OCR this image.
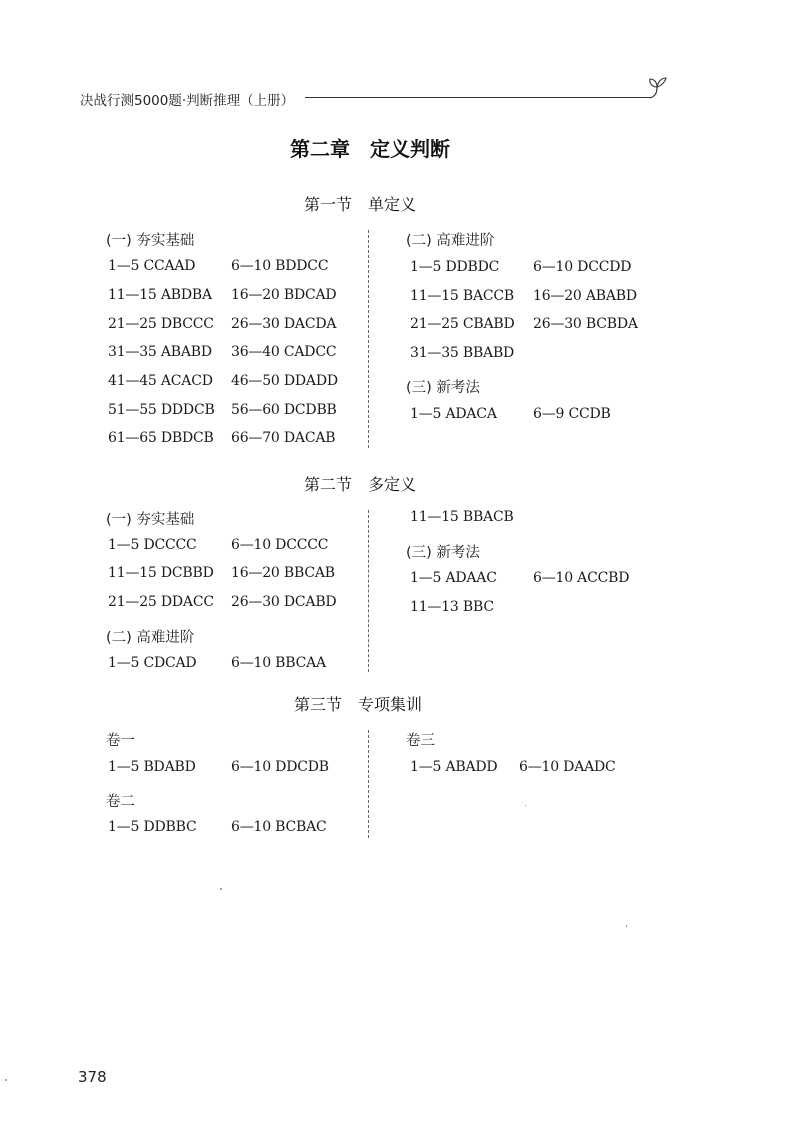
决战行测5000题·判断推理（上册）
第二章　定义判断
第一节　单定义
(一) 夯实基础
1—5 CCAAD	6—10 BDDCC
11—15 ABDBA 16—20 BDCAD
21—25 DBCCC 26—30 DACDA
31—35 ABABD 36—40 CADCC
41—45 ACACD 46—50 DDADD
51—55 DDDCB 56—60 DCDBB
61—65 DBDCB 66—70 DACAB
(二) 高难进阶
1—5 DDBDC 6—10 DCCDD
11—15 BACCB 16—20 ABABD
21—25 CBABD 26—30 BCBDA
31—35 BBABD
(三) 新考法
1—5 ADACA	6—9 CCDB
第二节　多定义
(一) 夯实基础
1—5 DCCCC 6—10 DCCCC
11—15 DCBBD 16—20 BBCAB
21—25 DDACC 26—30 DCABD
(二) 高难进阶
1—5 CDCAD 6—10 BBCAA
11—15 BBACB
(三) 新考法
1—5 ADAAC	6—10 ACCBD
11—13 BBC
第三节　专项集训
卷一
1—5 BDABD	6—10 DDCDB
卷二
1—5 DDBBC 6—10 BCBAC
卷三
1—5 ABADD 6—10 DAADC
378
